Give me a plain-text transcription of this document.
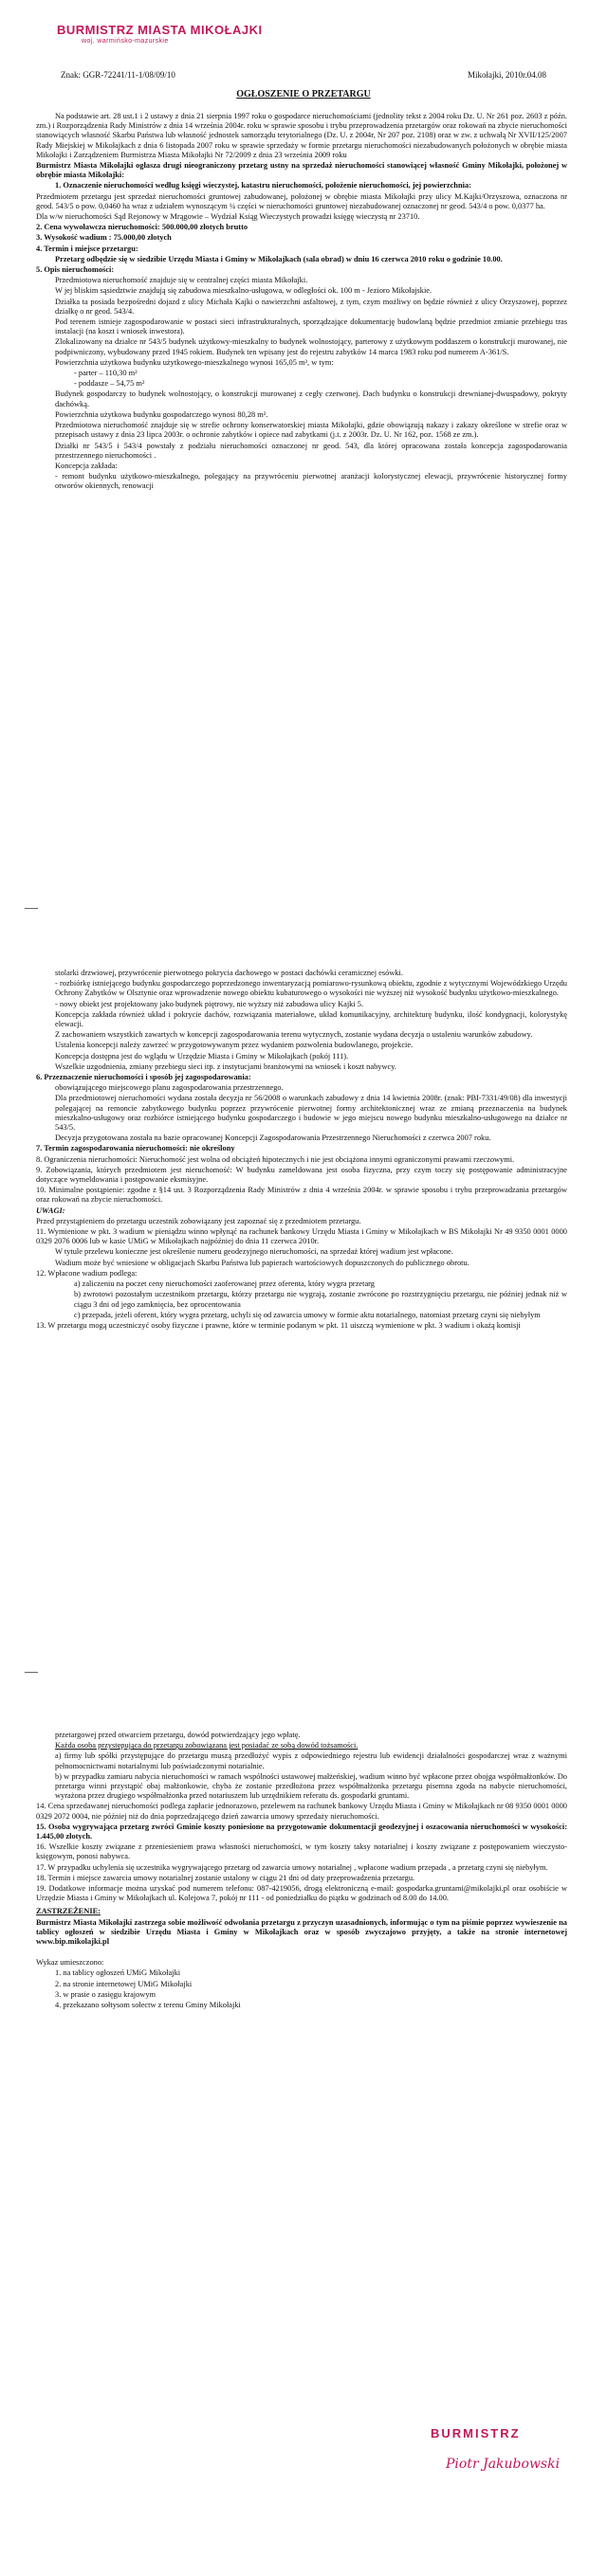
BURMISTRZ MIASTA MIKOŁAJKI
woj. warmińsko-mazurskie
Znak: GGR-72241/11-1/08/09/10	Mikołajki, 2010r.04.08
OGŁOSZENIE O PRZETARGU

Na podstawie art. 28 ust.1 i 2 ustawy z dnia 21 sierpnia 1997 roku o gospodarce nieruchomościami (jednolity tekst z 2004 roku Dz. U. Nr 261 poz. 2603 z późn. zm.) i Rozporządzenia Rady Ministrów z dnia 14 września 2004r. roku w sprawie sposobu i trybu przeprowadzenia przetargów oraz rokowań na zbycie nieruchomości stanowiących własność Skarbu Państwa lub własność jednostek samorządu terytorialnego (Dz. U. z 2004r, Nr 207 poz. 2108) oraz w zw. z uchwałą Nr XVII/125/2007 Rady Miejskiej w Mikołajkach z dnia 6 listopada 2007 roku w sprawie sprzedaży w formie przetargu nieruchomości niezabudowanych położonych w obrębie miasta Mikołajki i Zarządzeniem Burmistrza Miasta Mikołajki Nr 72/2009 z dnia 23 września 2009 roku

Burmistrz Miasta Mikołajki ogłasza drugi nieograniczony przetarg ustny na sprzedaż nieruchomości stanowiącej własność Gminy Mikołajki, położonej w obrębie miasta Mikołajki:

1. Oznaczenie nieruchomości według księgi wieczystej, katastru nieruchomości, położenie nieruchomości, jej powierzchnia:

Przedmiotem przetargu jest sprzedaż nieruchomości gruntowej zabudowanej, położonej w obrębie miasta Mikołajki przy ulicy M.Kajki/Orzyszowa, oznaczona nr geod. 543/5 o pow. 0,0460 ha wraz z udziałem wynoszącym ¼ części w nieruchomości gruntowej niezabudowanej oznaczonej nr geod. 543/4 o pow. 0,0377 ha.

Dla w/w nieruchomości Sąd Rejonowy w Mrągowie – Wydział Ksiąg Wieczystych prowadzi księgę wieczystą nr 23710.

2. Cena wywoławcza nieruchomości: 500.000,00 złotych brutto

3. Wysokość wadium : 75.000,00 złotych

4. Termin i miejsce przetargu:

Przetarg odbędzie się w siedzibie Urzędu Miasta i Gminy w Mikołajkach (sala obrad) w dniu 16 czerwca 2010 roku o godzinie 10.00.

5. Opis nieruchomości:

Przedmiotowa nieruchomość znajduje się w centralnej części miasta Mikołajki.

W jej bliskim sąsiedztwie znajdują się zabudowa mieszkalno-usługowa, w odległości ok. 100 m - Jezioro Mikołajskie.

Działka ta posiada bezpośredni dojazd z ulicy Michała Kajki o nawierzchni asfaltowej, z tym, czym możliwy on będzie również z ulicy Orzyszowej, poprzez działkę o nr geod. 543/4.

Pod terenem istnieje zagospodarowanie w postaci sieci infrastrukturalnych, sporządzające dokumentację budowlaną będzie przedmiot zmianie przebiegu tras instalacji (na koszt i wniosek inwestora).

Zlokalizowany na działce nr 543/5 budynek użytkowy-mieszkalny to budynek wolnostojący, parterowy z użytkowym poddaszem o konstrukcji murowanej, nie podpiwniczony, wybudowany przed 1945 rokiem. Budynek ten wpisany jest do rejestru zabytków 14 marca 1983 roku pod numerem A-361/S.

Powierzchnia użytkowa budynku użytkowego-mieszkalnego wynosi 165,05 m², w tym:

- parter – 110,30 m²

- poddasze – 54,75 m²

Budynek gospodarczy to budynek wolnostojący, o konstrukcji murowanej z cegły czerwonej. Dach budynku o konstrukcji drewnianej-dwuspadowy, pokryty dachówką.

Powierzchnia użytkowa budynku gospodarczego wynosi 80,28 m².

Przedmiotowa nieruchomość znajduje się w strefie ochrony konserwatorskiej miasta Mikołajki, gdzie obowiązują nakazy i zakazy określone w strefie oraz w przepisach ustawy z dnia 23 lipca 2003r. o ochronie zabytków i opiece nad zabytkami (j.t. z 2003r. Dz. U. Nr 162, poz. 1568 ze zm.).

Działki nr 543/5 i 543/4 powstały z podziału nieruchomości oznaczonej nr geod. 543, dla której opracowana została koncepcja zagospodarowania przestrzennego nieruchomości .

Koncepcja zakłada:

- remont budynku użytkowo-mieszkalnego, polegający na przywróceniu pierwotnej aranżacji kolorystycznej elewacji, przywrócenie historycznej formy otworów okiennych, renowacji

stolarki drzwiowej, przywrócenie pierwotnego pokrycia dachowego w postaci dachówki ceramicznej esówki.

- rozbiórkę istniejącego budynku gospodarczego poprzedzonego inwentaryzacją pomiarowo-rysunkową obiektu, zgodnie z wytycznymi Wojewódzkiego Urzędu Ochrony Zabytków w Olsztynie oraz wprowadzenie nowego obiektu kubaturowego o wysokości nie wyższej niż wysokość budynku użytkowo-mieszkalnego.

- nowy obiekt jest projektowany jako budynek piętrowy, nie wyższy niż zabudowa ulicy Kajki 5.

Koncepcja zakłada również układ i pokrycie dachów, rozwiązania materiałowe, układ komunikacyjny, architekturę budynku, ilość kondygnacji, kolorystykę elewacji.

Z zachowaniem wszystkich zawartych w koncepcji zagospodarowania terenu wytycznych, zostanie wydana decyzja o ustaleniu warunków zabudowy.

Ustalenia koncepcji należy zawrzeć w przygotowywanym przez wydaniem pozwolenia budowlanego, projekcie.

Koncepcja dostępna jest do wglądu w Urzędzie Miasta i Gminy w Mikołajkach (pokój 111).

Wszelkie uzgodnienia, zmiany przebiegu sieci itp. z instytucjami branżowymi na wniosek i koszt nabywcy.

6. Przeznaczenie nieruchomości i sposób jej zagospodarowania:

obowiązującego miejscowego planu zagospodarowania przestrzennego.

Dla przedmiotowej nieruchomości wydana została decyzja nr 56/2008 o warunkach zabudowy z dnia 14 kwietnia 2008r. (znak: PBI-7331/49/08) dla inwestycji polegającej na remoncie zabytkowego budynku poprzez przywrócenie pierwotnej formy architektonicznej wraz ze zmianą przeznaczenia na budynek mieszkalno-usługowy oraz rozbiórce istniejącego budynku gospodarczego i budowie w jego miejscu nowego budynku mieszkalno-usługowego na działce nr 543/5.

Decyzja przygotowana została na bazie opracowanej Koncepcji Zagospodarowania Przestrzennego Nieruchomości z czerwca 2007 roku.

7. Termin zagospodarowania nieruchomości: nie określony

8. Ograniczenia nieruchomości: Nieruchomość jest wolna od obciążeń hipotecznych i nie jest obciążona innymi ograniczonymi prawami rzeczowymi.

9. Zobowiązania, których przedmiotem jest nieruchomość: W budynku zameldowana jest osoba fizyczna, przy czym toczy się postępowanie administracyjne dotyczące wymeldowania i postępowanie eksmisyjne.

10. Minimalne postąpienie: zgodne z §14 ust. 3 Rozporządzenia Rady Ministrów z dnia 4 września 2004r. w sprawie sposobu i trybu przeprowadzania przetargów oraz rokowań na zbycie nieruchomości.

UWAGI:

Przed przystąpieniem do przetargu uczestnik zobowiązany jest zapoznać się z przedmiotem przetargu.

11. Wymienione w pkt. 3 wadium w pieniądzu winno wpłynąć na rachunek bankowy Urzędu Miasta i Gminy w Mikołajkach w BS Mikołajki Nr 49 9350 0001 0000 0329 2076 0006 lub w kasie UMiG w Mikołajkach najpóźniej do dnia 11 czerwca 2010r.

W tytule przelewu konieczne jest określenie numeru geodezyjnego nieruchomości, na sprzedaż której wadium jest wpłacone.

Wadium może być wniesione w obligacjach Skarbu Państwa lub papierach wartościowych dopuszczonych do publicznego obrotu.

12. Wpłacone wadium podlega:

a) zaliczeniu na poczet ceny nieruchomości zaoferowanej przez oferenta, który wygra przetarg

b) zwrotowi pozostałym uczestnikom przetargu, którzy przetargu nie wygrają, zostanie zwrócone po rozstrzygnięciu przetargu, nie później jednak niż w ciągu 3 dni od jego zamknięcia, bez oprocentowania

c) przepada, jeżeli oferent, który wygra przetarg, uchyli się od zawarcia umowy w formie aktu notarialnego, natomiast przetarg czyni się niebyłym

13. W przetargu mogą uczestniczyć osoby fizyczne i prawne, które w terminie podanym w pkt. 11 uiszczą wymienione w pkt. 3 wadium i okażą komisji

przetargowej przed otwarciem przetargu, dowód potwierdzający jego wpłatę.

Każda osoba przystępująca do przetargu zobowiązana jest posiadać ze sobą dowód tożsamości.

a) firmy lub spółki przystępujące do przetargu muszą przedłożyć wypis z odpowiedniego rejestru lub ewidencji działalności gospodarczej wraz z ważnymi pełnomocnictwami notarialnymi lub poświadczonymi notarialnie.

b) w przypadku zamiaru nabycia nieruchomości w ramach wspólności ustawowej małżeńskiej, wadium winno być wpłacone przez obojga współmałżonków. Do przetargu winni przystąpić obaj małżonkowie, chyba że zostanie przedłożona przez współmałżonka przetargu pisemna zgoda na nabycie nieruchomości, wyrażona przez drugiego współmałżonka przed notariuszem lub urzędnikiem referatu ds. gospodarki gruntami.

14. Cena sprzedawanej nieruchomości podlega zapłacie jednorazowo, przelewem na rachunek bankowy Urzędu Miasta i Gminy w Mikołajkach nr 08 9350 0001 0000 0329 2072 0004, nie później niż do dnia poprzedzającego dzień zawarcia umowy sprzedaży nieruchomości.

15. Osoba wygrywająca przetarg zwróci Gminie koszty poniesione na przygotowanie dokumentacji geodezyjnej i oszacowania nieruchomości w wysokości: 1.445,00 złotych.

16. Wszelkie koszty związane z przeniesieniem prawa własności nieruchomości, w tym koszty taksy notarialnej i koszty związane z postępowaniem wieczysto-księgowym, ponosi nabywca.

17. W przypadku uchylenia się uczestnika wygrywającego przetarg od zawarcia umowy notarialnej , wpłacone wadium przepada , a przetarg czyni się niebyłym.

18. Termin i miejsce zawarcia umowy notarialnej zostanie ustalony w ciągu 21 dni od daty przeprowadzenia przetargu.

19. Dodatkowe informacje można uzyskać pod numerem telefonu: 087-4219056, drogą elektroniczną e-mail: gospodarka.gruntami@mikolajki.pl oraz osobiście w Urzędzie Miasta i Gminy w Mikołajkach ul. Kolejowa 7, pokój nr 111 - od poniedziałku do piątku w godzinach od 8.00 do 14.00.

ZASTRZEŻENIE:

Burmistrz Miasta Mikołajki zastrzega sobie możliwość odwołania przetargu z przyczyn uzasadnionych, informując o tym na piśmie poprzez wywieszenie na tablicy ogłoszeń w siedzibie Urzędu Miasta i Gminy w Mikołajkach oraz w sposób zwyczajowo przyjęty, a także na stronie internetowej www.bip.mikolajki.pl

Wykaz umieszczono:

1. na tablicy ogłoszeń UMiG Mikołajki

2. na stronie internetowej UMiG Mikołajki

3. w prasie o zasięgu krajowym

4. przekazano sołtysom sołectw z terenu Gminy Mikołajki

BURMISTRZ
Piotr Jakubowski
